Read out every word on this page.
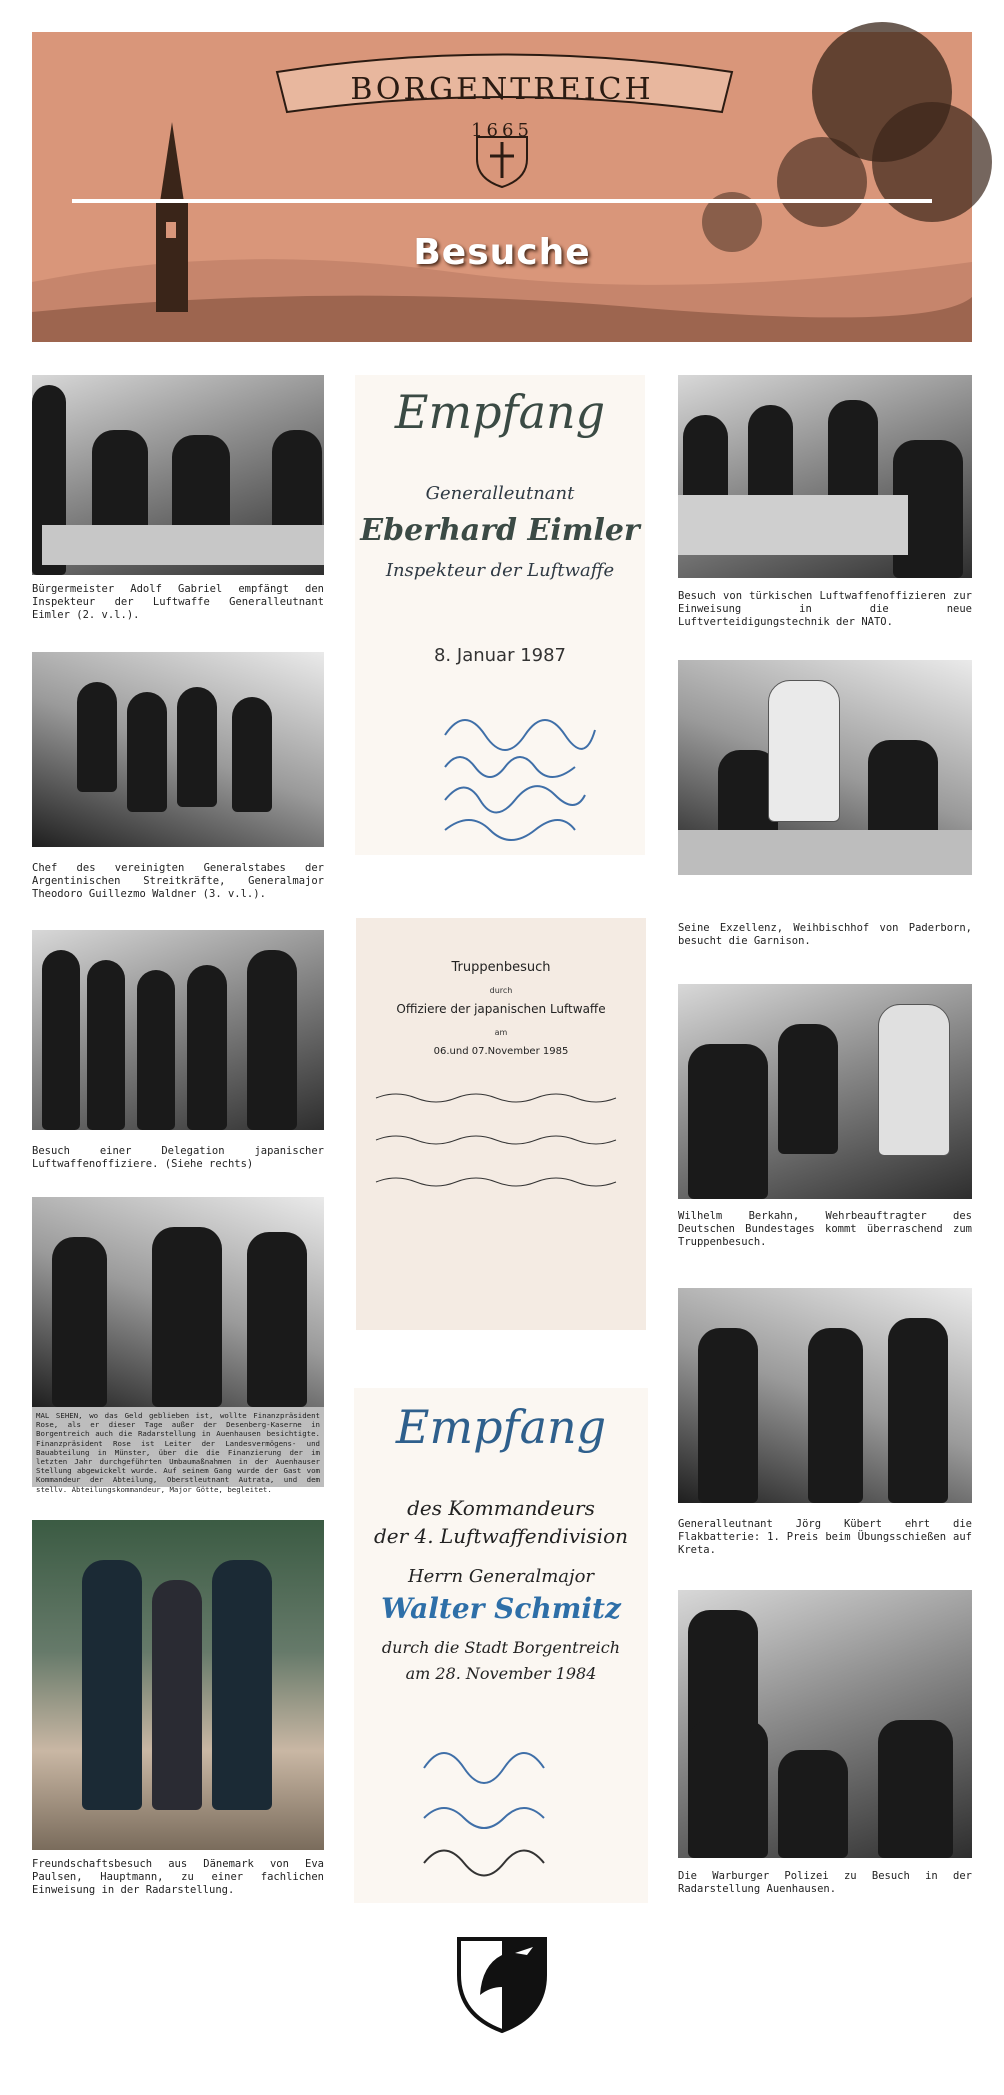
BORGENTREICH
1665
Besuche
Bürgermeister Adolf Gabriel empfängt den Inspekteur der Luftwaffe Generalleutnant Eimler (2. v.l.).
Chef des vereinigten Generalstabes der Argentinischen Streitkräfte, Generalmajor Theodoro Guillezmo Waldner (3. v.l.).
Besuch einer Delegation japanischer Luftwaffenoffiziere. (Siehe rechts)
MAL SEHEN, wo das Geld geblieben ist, wollte Finanzpräsident Rose, als er dieser Tage außer der Desenberg-Kaserne in Borgentreich auch die Radarstellung in Auenhausen besichtigte. Finanzpräsident Rose ist Leiter der Landesvermögens- und Bauabteilung in Münster, über die die Finanzierung der im letzten Jahr durchgeführten Umbaumaßnahmen in der Auenhauser Stellung abgewickelt wurde. Auf seinem Gang wurde der Gast vom Kommandeur der Abteilung, Oberstleutnant Autrata, und dem stellv. Abteilungskommandeur, Major Götte, begleitet.
Freundschaftsbesuch aus Dänemark von Eva Paulsen, Hauptmann, zu einer fachlichen Einweisung in der Radarstellung.
Empfang
Generalleutnant
Eberhard Eimler
Inspekteur der Luftwaffe
8. Januar 1987
Truppenbesuch
durch
Offiziere der japanischen Luftwaffe
am
06.und 07.November 1985
Empfang
des Kommandeurs
der 4. Luftwaffendivision
Herrn Generalmajor
Walter Schmitz
durch die Stadt Borgentreich
am 28. November 1984
Besuch von türkischen Luftwaffenoffizieren zur Einweisung in die neue Luftverteidigungstechnik der NATO.
Seine Exzellenz, Weihbischhof von Paderborn, besucht die Garnison.
Wilhelm Berkahn, Wehrbeauftragter des Deutschen Bundestages kommt überraschend zum Truppenbesuch.
Generalleutnant Jörg Kübert ehrt die Flakbatterie: 1. Preis beim Übungsschießen auf Kreta.
Die Warburger Polizei zu Besuch in der Radarstellung Auenhausen.
